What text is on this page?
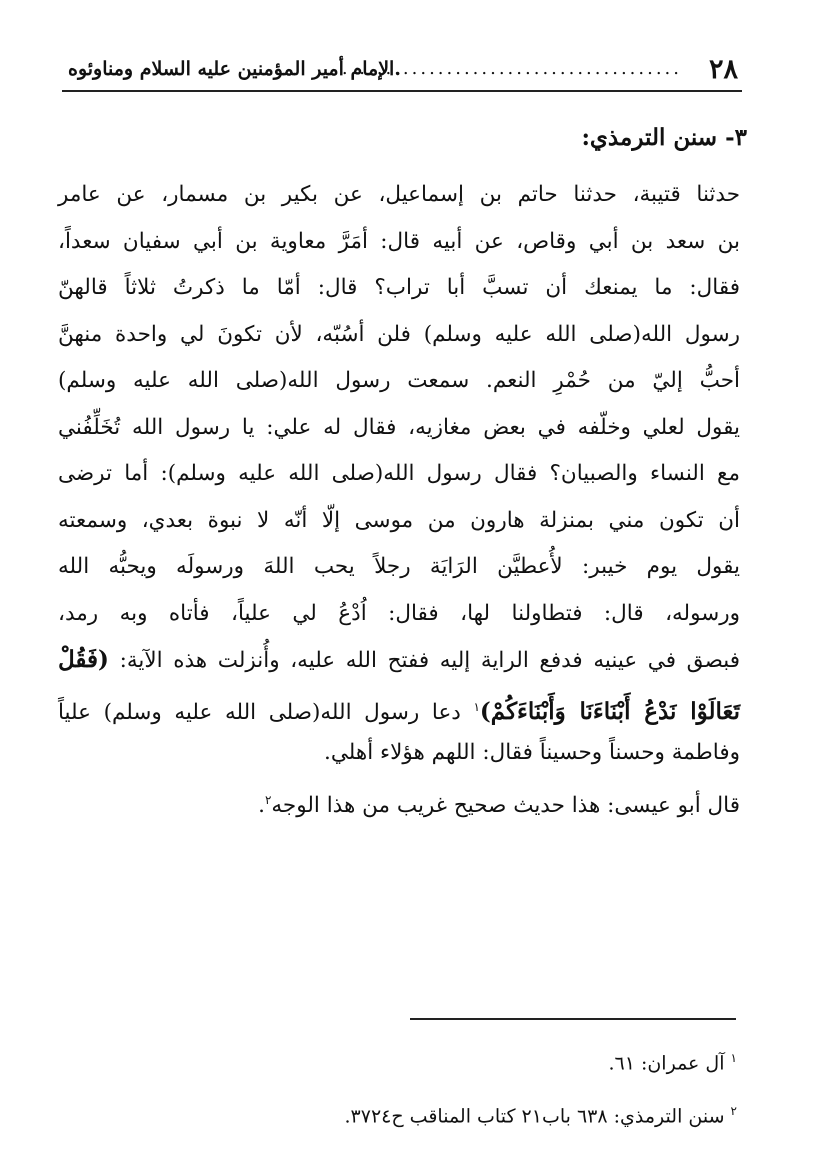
٢٨
........................................
.الإمام أمير المؤمنين عليه السلام ومناوئوه
٣- سنن الترمذي:
حدثنا قتيبة، حدثنا حاتم بن إسماعيل، عن بكير بن مسمار، عن عامر
بن سعد بن أبي وقاص، عن أبيه قال: أمَرَّ معاوية بن أبي سفيان سعداً،
فقال: ما يمنعك أن تسبَّ أبا تراب؟ قال: أمّا ما ذكرتُ ثلاثاً قالهنّ
رسول الله(صلى الله عليه وسلم) فلن أسُبّه، لأن تكونَ لي واحدة منهنَّ
أحبُّ إليّ من حُمْرِ النعم. سمعت رسول الله(صلى الله عليه وسلم)
يقول لعلي وخلّفه في بعض مغازيه، فقال له علي: يا رسول الله تُخَلِّفُني
مع النساء والصبيان؟ فقال رسول الله(صلى الله عليه وسلم): أما ترضى
أن تكون مني بمنزلة هارون من موسى إلّا أنّه لا نبوة بعدي، وسمعته
يقول يوم خيبر: لأُعطيَّن الرَايَة رجلاً يحب اللهَ ورسولَه ويحبُّه الله
ورسوله، قال: فتطاولنا لها، فقال: اُدْعُ لي علياً، فأتاه وبه رمد،
فبصق في عينيه فدفع الراية إليه ففتح الله عليه، وأُنزلت هذه الآية: (فَقُلْ
تَعَالَوْا نَدْعُ أَبْنَاءَنَا وَأَبْنَاءَكُمْ)$^١$ دعا رسول الله(صلى الله عليه وسلم) علياً
وفاطمة وحسناً وحسيناً فقال: اللهم هؤلاء أهلي.
قال أبو عيسى: هذا حديث صحيح غريب من هذا الوجه$^٢$.
$^١$ آل عمران: ٦١.
$^٢$ سنن الترمذي: ٦٣٨ باب٢١ كتاب المناقب ح٣٧٢٤.
